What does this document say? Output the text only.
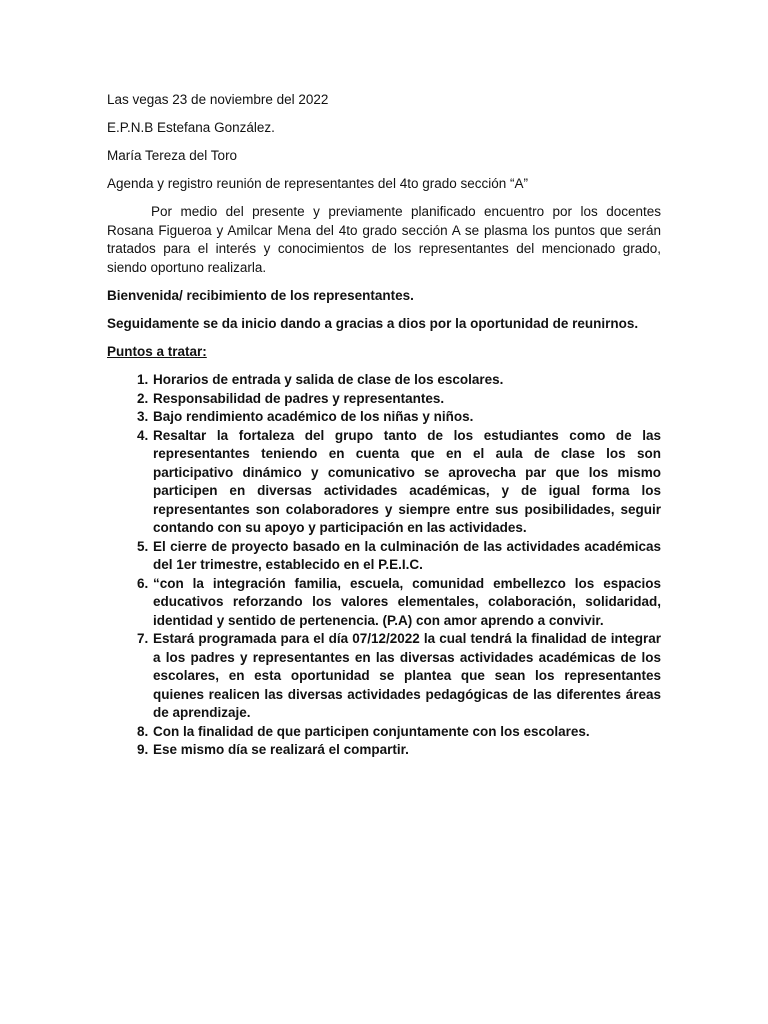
Las vegas 23 de noviembre del 2022

E.P.N.B Estefana González.

María Tereza del Toro

Agenda y registro reunión de representantes del 4to grado sección “A”

Por medio del presente y previamente planificado encuentro por los docentes Rosana Figueroa y Amilcar Mena del 4to grado sección A se plasma los puntos que serán tratados para el interés y conocimientos de los representantes del mencionado grado, siendo oportuno realizarla.

Bienvenida/ recibimiento de los representantes.

Seguidamente se da inicio dando a gracias a dios por la oportunidad de reunirnos.

Puntos a tratar:

1. Horarios de entrada y salida de clase de los escolares.
2. Responsabilidad de padres y representantes.
3. Bajo rendimiento académico de los niñas y niños.
4. Resaltar la fortaleza del grupo tanto de los estudiantes como de las representantes teniendo en cuenta que en el aula de clase los son participativo dinámico y comunicativo se aprovecha par que los mismo participen en diversas actividades académicas, y de igual forma los representantes son colaboradores y siempre entre sus posibilidades, seguir contando con su apoyo y participación en las actividades.
5. El cierre de proyecto basado en la culminación de las actividades académicas del 1er trimestre, establecido en el P.E.I.C.
6. “con la integración familia, escuela, comunidad embellezco los espacios educativos reforzando los valores elementales, colaboración, solidaridad, identidad y sentido de pertenencia. (P.A) con amor aprendo a convivir.
7. Estará programada para el día 07/12/2022 la cual tendrá la finalidad de integrar a los padres y representantes en las diversas actividades académicas de los escolares, en esta oportunidad se plantea que sean los representantes quienes realicen las diversas actividades pedagógicas de las diferentes áreas de aprendizaje.
8. Con la finalidad de que participen conjuntamente con los escolares.
9. Ese mismo día se realizará el compartir.
